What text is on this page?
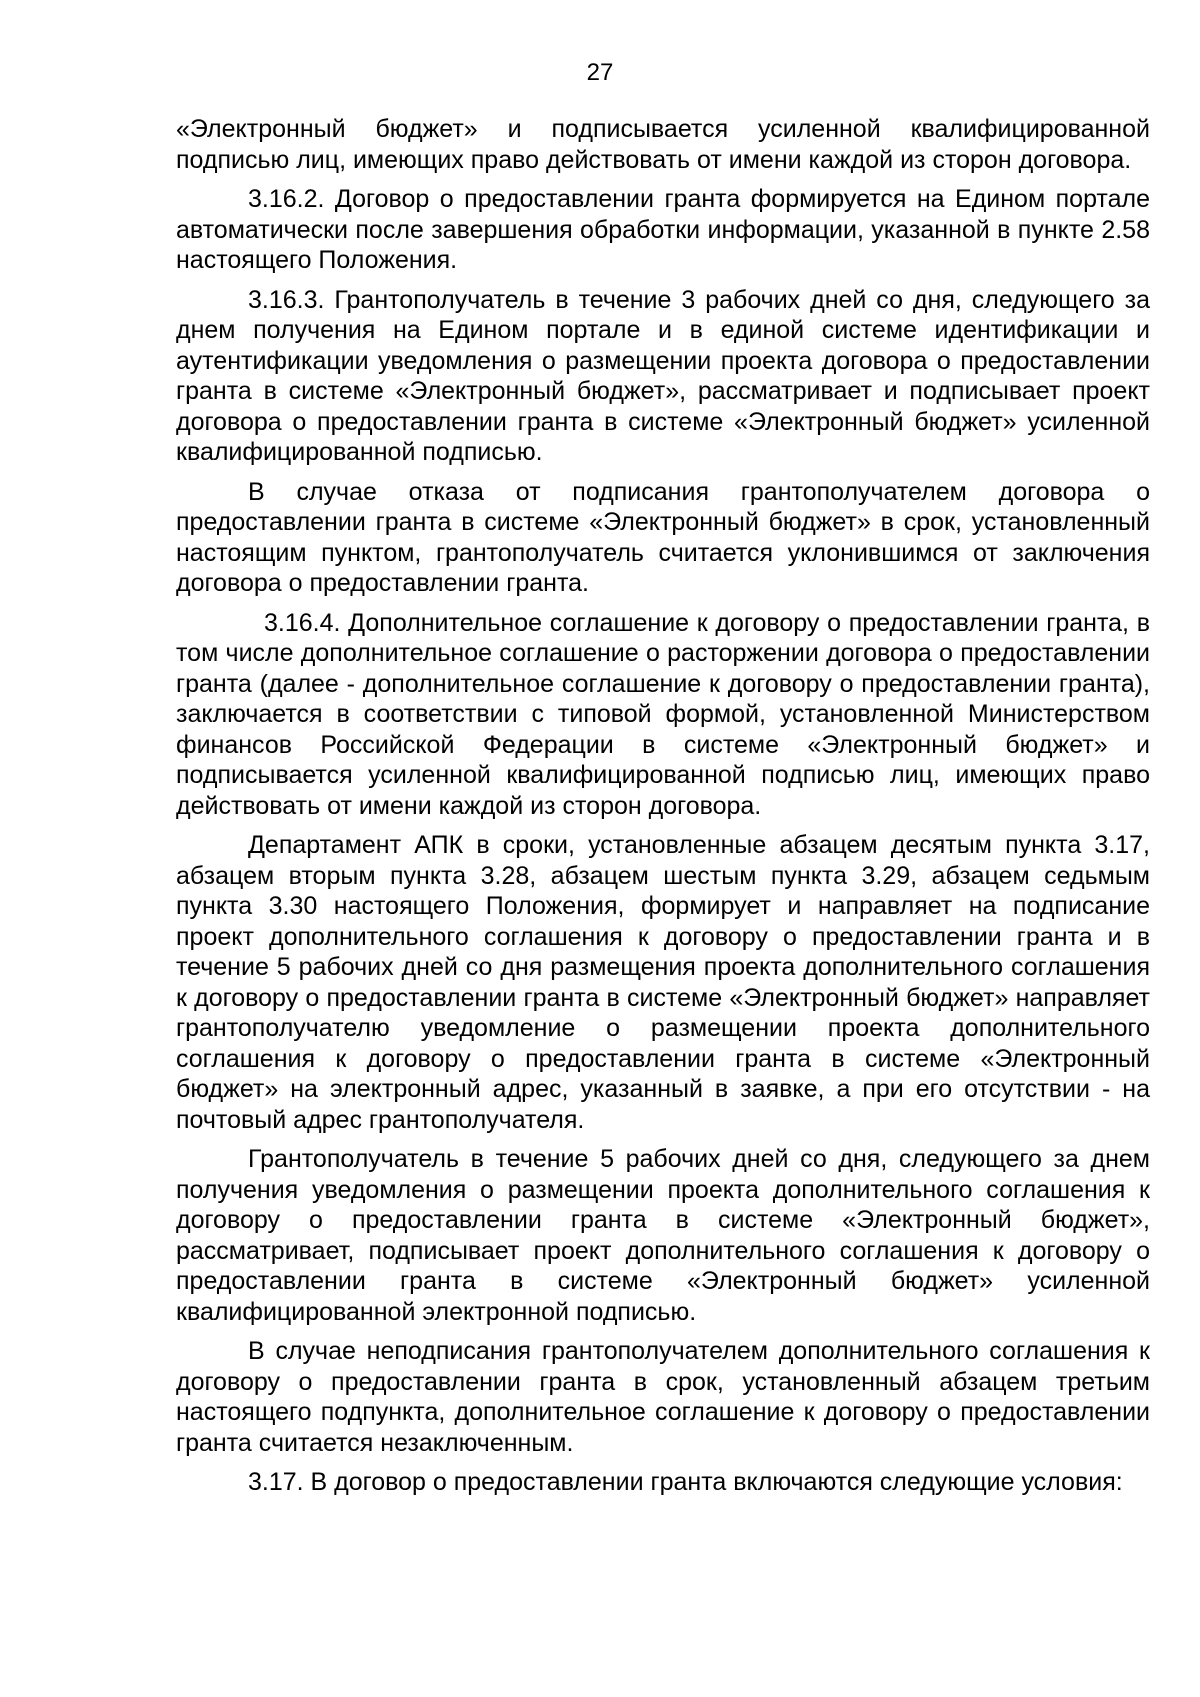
27

«Электронный бюджет» и подписывается усиленной квалифицированной подписью лиц, имеющих право действовать от имени каждой из сторон договора.

3.16.2. Договор о предоставлении гранта формируется на Едином портале автоматически после завершения обработки информации, указанной в пункте 2.58 настоящего Положения.

3.16.3. Грантополучатель в течение 3 рабочих дней со дня, следующего за днем получения на Едином портале и в единой системе идентификации и аутентификации уведомления о размещении проекта договора о предоставлении гранта в системе «Электронный бюджет», рассматривает и подписывает проект договора о предоставлении гранта в системе «Электронный бюджет» усиленной квалифицированной подписью.

В случае отказа от подписания грантополучателем договора о предоставлении гранта в системе «Электронный бюджет» в срок, установленный настоящим пунктом, грантополучатель считается уклонившимся от заключения договора о предоставлении гранта.

3.16.4. Дополнительное соглашение к договору о предоставлении гранта, в том числе дополнительное соглашение о расторжении договора о предоставлении гранта (далее - дополнительное соглашение к договору о предоставлении гранта), заключается в соответствии с типовой формой, установленной Министерством финансов Российской Федерации в системе «Электронный бюджет» и подписывается усиленной квалифицированной подписью лиц, имеющих право действовать от имени каждой из сторон договора.

Департамент АПК в сроки, установленные абзацем десятым пункта 3.17, абзацем вторым пункта 3.28, абзацем шестым пункта 3.29, абзацем седьмым пункта 3.30 настоящего Положения, формирует и направляет на подписание проект дополнительного соглашения к договору о предоставлении гранта и в течение 5 рабочих дней со дня размещения проекта дополнительного соглашения к договору о предоставлении гранта в системе «Электронный бюджет» направляет грантополучателю уведомление о размещении проекта дополнительного соглашения к договору о предоставлении гранта в системе «Электронный бюджет» на электронный адрес, указанный в заявке, а при его отсутствии - на почтовый адрес грантополучателя.

Грантополучатель в течение 5 рабочих дней со дня, следующего за днем получения уведомления о размещении проекта дополнительного соглашения к договору о предоставлении гранта в системе «Электронный бюджет», рассматривает, подписывает проект дополнительного соглашения к договору о предоставлении гранта в системе «Электронный бюджет» усиленной квалифицированной электронной подписью.

В случае неподписания грантополучателем дополнительного соглашения к договору о предоставлении гранта в срок, установленный абзацем третьим настоящего подпункта, дополнительное соглашение к договору о предоставлении гранта считается незаключенным.

3.17. В договор о предоставлении гранта включаются следующие условия:
